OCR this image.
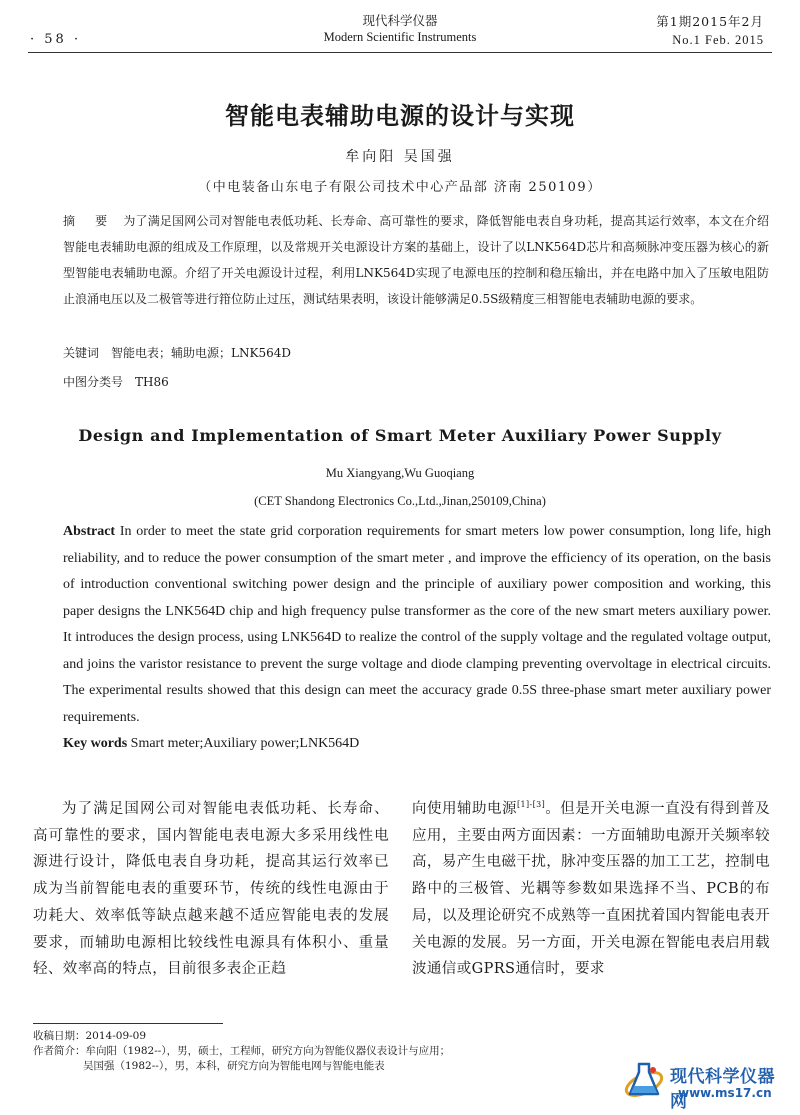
· 58 ·
现代科学仪器
Modern Scientific Instruments
第1期2015年2月
No.1 Feb. 2015
智能电表辅助电源的设计与实现
牟向阳 吴国强
（中电装备山东电子有限公司技术中心产品部 济南 250109）
摘 要 为了满足国网公司对智能电表低功耗、长寿命、高可靠性的要求，降低智能电表自身功耗，提高其运行效率，本文在介绍智能电表辅助电源的组成及工作原理，以及常规开关电源设计方案的基础上，设计了以LNK564D芯片和高频脉冲变压器为核心的新型智能电表辅助电源。介绍了开关电源设计过程，利用LNK564D实现了电源电压的控制和稳压输出，并在电路中加入了压敏电阻防止浪涌电压以及二极管等进行箝位防止过压，测试结果表明，该设计能够满足0.5S级精度三相智能电表辅助电源的要求。
关键词 智能电表；辅助电源；LNK564D
中图分类号 TH86
Design and Implementation of Smart Meter Auxiliary Power Supply
Mu Xiangyang,Wu Guoqiang
(CET Shandong Electronics Co.,Ltd.,Jinan,250109,China)
Abstract In order to meet the state grid corporation requirements for smart meters low power consumption, long life, high reliability, and to reduce the power consumption of the smart meter , and improve the efficiency of its operation, on the basis of introduction conventional switching power design and the principle of auxiliary power composition and working, this paper designs the LNK564D chip and high frequency pulse transformer as the core of the new smart meters auxiliary power. It introduces the design process, using LNK564D to realize the control of the supply voltage and the regulated voltage output, and joins the varistor resistance to prevent the surge voltage and diode clamping preventing overvoltage in electrical circuits. The experimental results showed that this design can meet the accuracy grade 0.5S three-phase smart meter auxiliary power requirements.
Key words Smart meter;Auxiliary power;LNK564D
为了满足国网公司对智能电表低功耗、长寿命、高可靠性的要求，国内智能电表电源大多采用线性电源进行设计，降低电表自身功耗，提高其运行效率已成为当前智能电表的重要环节，传统的线性电源由于功耗大、效率低等缺点越来越不适应智能电表的发展要求，而辅助电源相比较线性电源具有体积小、重量轻、效率高的特点，目前很多表企正趋
向使用辅助电源[1]-[3]。但是开关电源一直没有得到普及应用，主要由两方面因素：一方面辅助电源开关频率较高，易产生电磁干扰，脉冲变压器的加工工艺，控制电路中的三极管、光耦等参数如果选择不当、PCB的布局，以及理论研究不成熟等一直困扰着国内智能电表开关电源的发展。另一方面，开关电源在智能电表启用载波通信或GPRS通信时，要求
收稿日期：2014-09-09
作者简介：牟向阳（1982--），男，硕士，工程师，研究方向为智能仪器仪表设计与应用；
吴国强（1982--），男，本科，研究方向为智能电网与智能电能表
现代科学仪器网
www.ms17.cn
